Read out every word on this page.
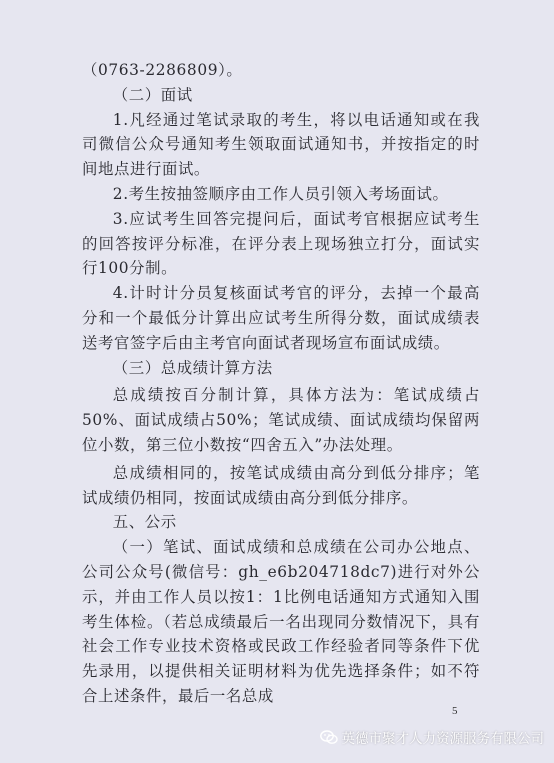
（0763-2286809）。

（二）面试

1.凡经通过笔试录取的考生，将以电话通知或在我司微信公众号通知考生领取面试通知书，并按指定的时间地点进行面试。

2.考生按抽签顺序由工作人员引领入考场面试。

3.应试考生回答完提问后，面试考官根据应试考生的回答按评分标准，在评分表上现场独立打分，面试实行100分制。

4.计时计分员复核面试考官的评分，去掉一个最高分和一个最低分计算出应试考生所得分数，面试成绩表送考官签字后由主考官向面试者现场宣布面试成绩。

（三）总成绩计算方法

总成绩按百分制计算，具体方法为：笔试成绩占50%、面试成绩占50%；笔试成绩、面试成绩均保留两位小数，第三位小数按“四舍五入”办法处理。

总成绩相同的，按笔试成绩由高分到低分排序；笔试成绩仍相同，按面试成绩由高分到低分排序。

五、公示

（一）笔试、面试成绩和总成绩在公司办公地点、公司公众号(微信号：gh_e6b204718dc7)进行对外公示，并由工作人员以按1：1比例电话通知方式通知入围考生体检。（若总成绩最后一名出现同分数情况下，具有社会工作专业技术资格或民政工作经验者同等条件下优先录用，以提供相关证明材料为优先选择条件；如不符合上述条件，最后一名总成

5
英德市聚才人力资源服务有限公司
